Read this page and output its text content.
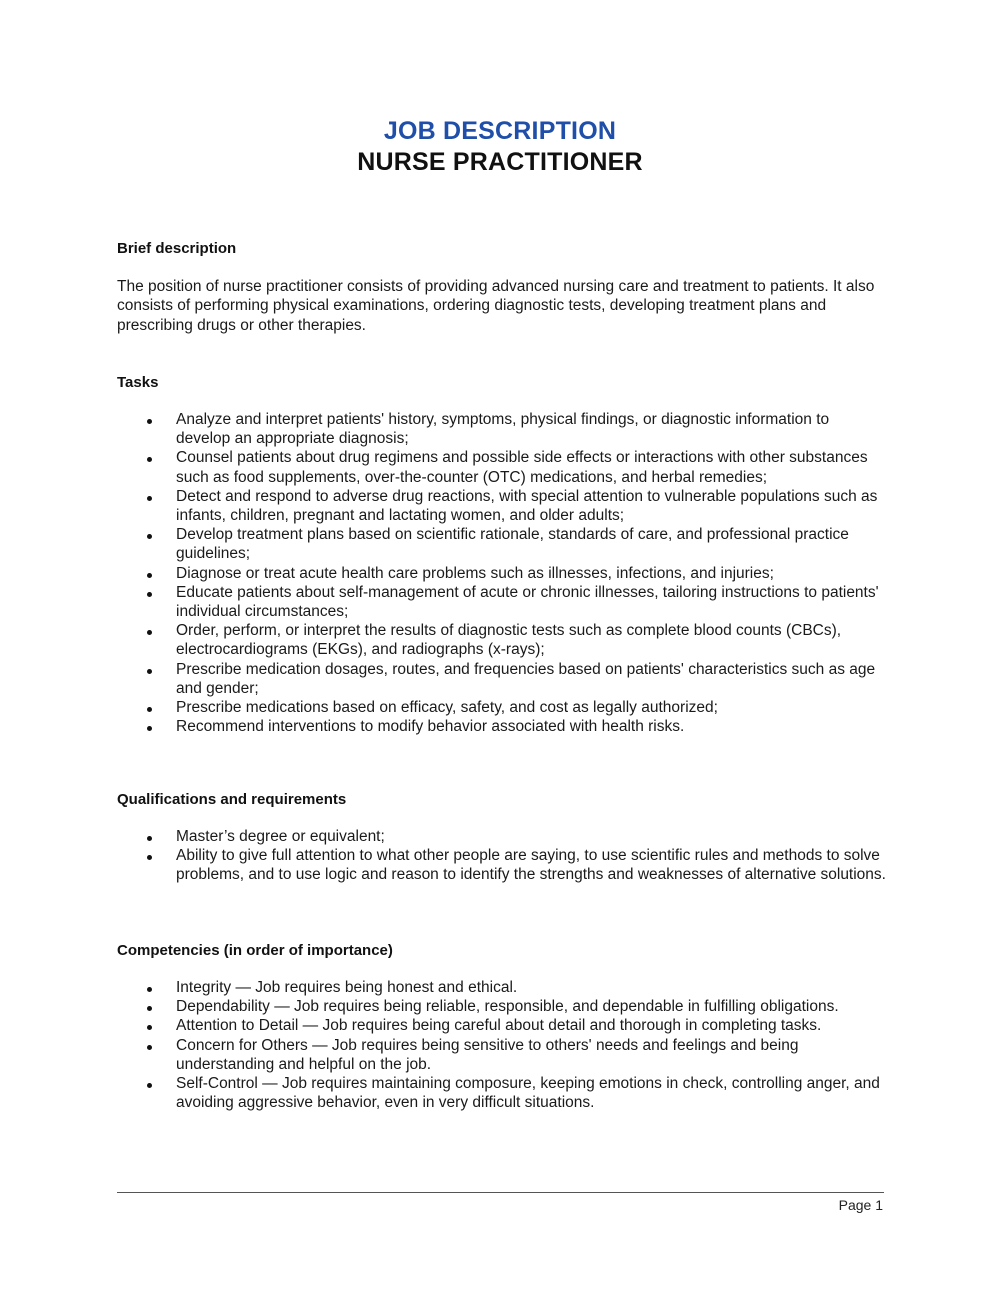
JOB DESCRIPTION
NURSE PRACTITIONER
Brief description

The position of nurse practitioner consists of providing advanced nursing care and treatment to patients. It also consists of performing physical examinations, ordering diagnostic tests, developing treatment plans and prescribing drugs or other therapies.

Tasks
Analyze and interpret patients' history, symptoms, physical findings, or diagnostic information to develop an appropriate diagnosis;
Counsel patients about drug regimens and possible side effects or interactions with other substances such as food supplements, over-the-counter (OTC) medications, and herbal remedies;
Detect and respond to adverse drug reactions, with special attention to vulnerable populations such as infants, children, pregnant and lactating women, and older adults;
Develop treatment plans based on scientific rationale, standards of care, and professional practice guidelines;
Diagnose or treat acute health care problems such as illnesses, infections, and injuries;
Educate patients about self-management of acute or chronic illnesses, tailoring instructions to patients' individual circumstances;
Order, perform, or interpret the results of diagnostic tests such as complete blood counts (CBCs), electrocardiograms (EKGs), and radiographs (x-rays);
Prescribe medication dosages, routes, and frequencies based on patients' characteristics such as age and gender;
Prescribe medications based on efficacy, safety, and cost as legally authorized;
Recommend interventions to modify behavior associated with health risks.
Qualifications and requirements
Master’s degree or equivalent;
Ability to give full attention to what other people are saying, to use scientific rules and methods to solve problems, and to use logic and reason to identify the strengths and weaknesses of alternative solutions.
Competencies (in order of importance)
Integrity — Job requires being honest and ethical.
Dependability — Job requires being reliable, responsible, and dependable in fulfilling obligations.
Attention to Detail — Job requires being careful about detail and thorough in completing tasks.
Concern for Others — Job requires being sensitive to others' needs and feelings and being understanding and helpful on the job.
Self-Control — Job requires maintaining composure, keeping emotions in check, controlling anger, and avoiding aggressive behavior, even in very difficult situations.
Page 1
